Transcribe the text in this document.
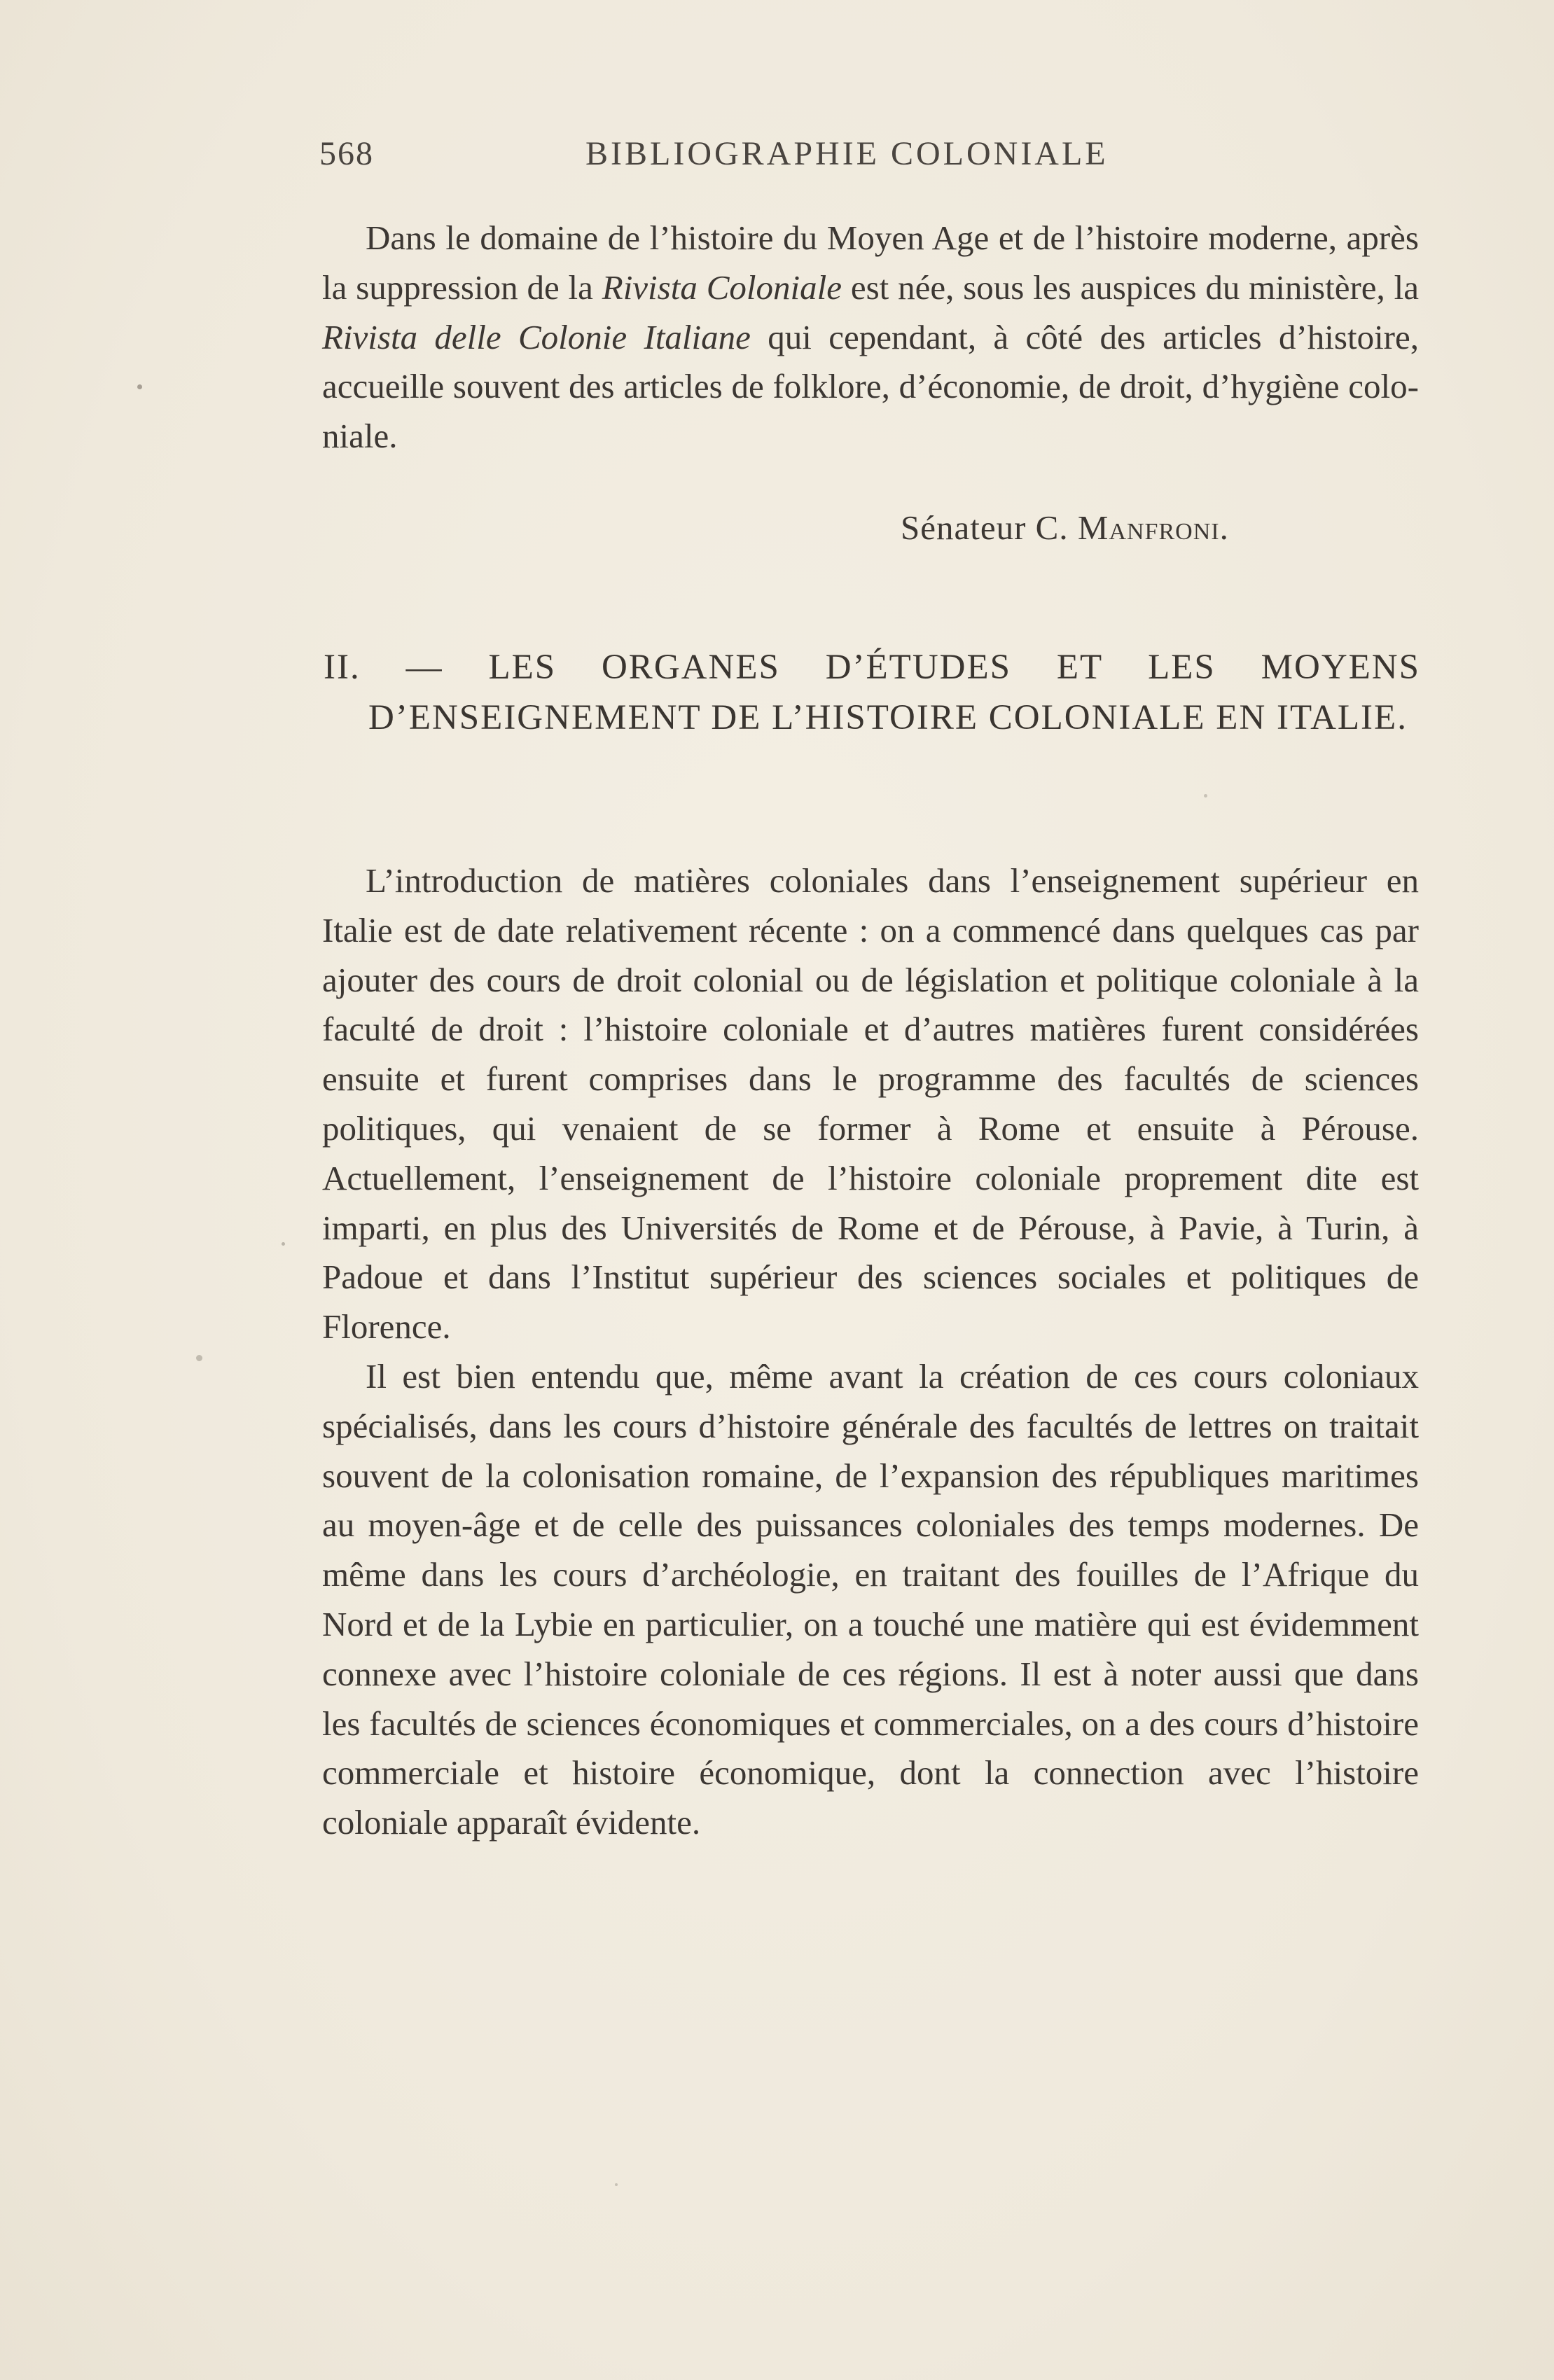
568	BIBLIOGRAPHIE COLONIALE

Dans le domaine de l’histoire du Moyen Age et de l’histoire moderne, après la suppression de la Rivista Coloniale est née, sous les auspices du ministère, la Rivista delle Colonie Italiane qui cependant, à côté des articles d’histoire, accueille souvent des articles de folklore, d’économie, de droit, d’hygiène coloniale.

Sénateur C. Manfroni.
II. — LES ORGANES D’ÉTUDES ET LES MOYENS D’ENSEIGNEMENT DE L’HISTOIRE COLONIALE EN ITALIE.

L’introduction de matières coloniales dans l’enseignement supérieur en Italie est de date relativement récente : on a commencé dans quelques cas par ajouter des cours de droit colonial ou de législation et politique coloniale à la faculté de droit : l’histoire coloniale et d’autres matières furent considérées ensuite et furent comprises dans le programme des facultés de sciences politiques, qui venaient de se former à Rome et ensuite à Pérouse. Actuellement, l’enseignement de l’histoire coloniale proprement dite est imparti, en plus des Universités de Rome et de Pérouse, à Pavie, à Turin, à Padoue et dans l’Institut supérieur des sciences sociales et politiques de Florence.

Il est bien entendu que, même avant la création de ces cours coloniaux spécialisés, dans les cours d’histoire générale des facultés de lettres on traitait souvent de la colonisation romaine, de l’expansion des républiques maritimes au moyen-âge et de celle des puissances coloniales des temps modernes. De même dans les cours d’archéologie, en traitant des fouilles de l’Afrique du Nord et de la Lybie en particulier, on a touché une matière qui est évidemment connexe avec l’histoire coloniale de ces régions. Il est à noter aussi que dans les facultés de sciences économiques et commerciales, on a des cours d’histoire commerciale et histoire économique, dont la connection avec l’histoire coloniale apparaît évidente.
